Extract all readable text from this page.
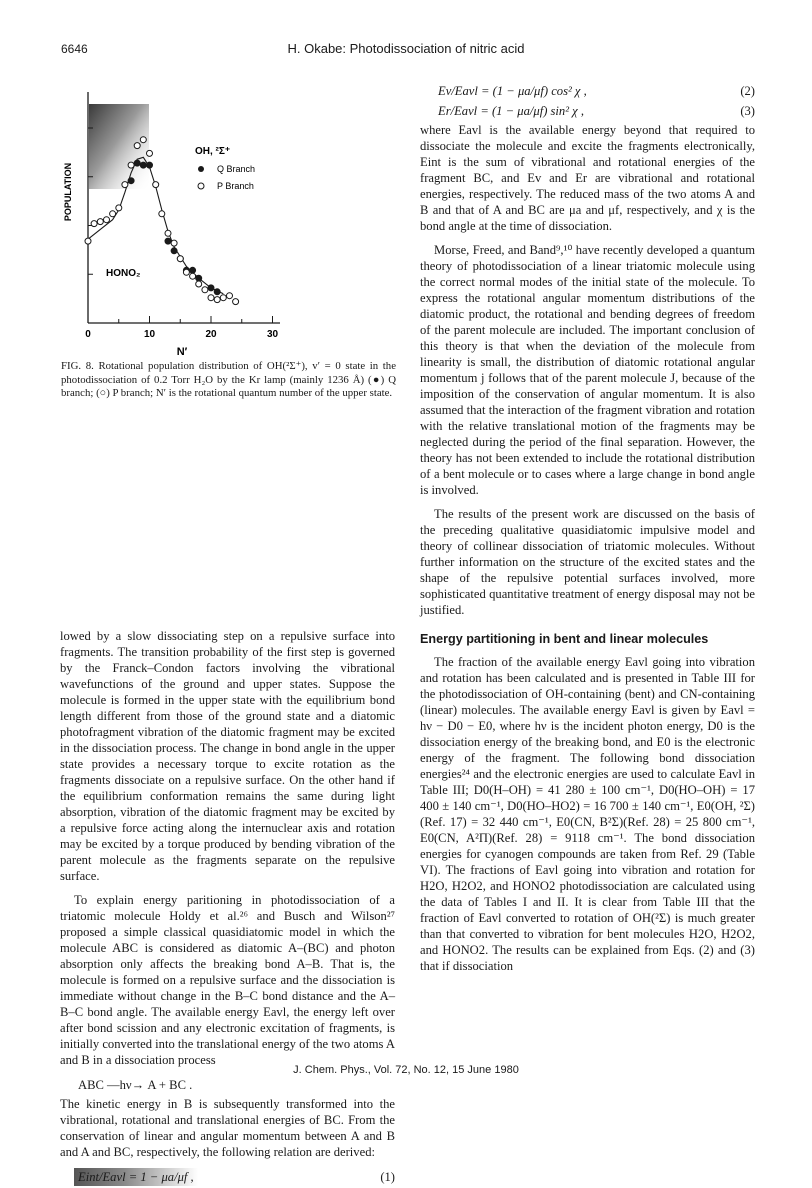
6646	H. Okabe: Photodissociation of nitric acid
0	10	20	30
POPULATION
N′
OH, ²Σ⁺
Q Branch
P Branch
HONO₂
FIG. 8. Rotational population distribution of OH(²Σ⁺), v′ = 0 state in the photodissociation of 0.2 Torr H₂O by the Kr lamp (mainly 1236 Å) (●) Q branch; (○) P branch; N′ is the rotational quantum number of the upper state.

lowed by a slow dissociating step on a repulsive surface into fragments. The transition probability of the first step is governed by the Franck–Condon factors involving the vibrational wavefunctions of the ground and upper states. Suppose the molecule is formed in the upper state with the equilibrium bond length different from those of the ground state and a diatomic photofragment vibration of the diatomic fragment may be excited in the dissociation process. The change in bond angle in the upper state provides a necessary torque to excite rotation as the fragments dissociate on a repulsive surface. On the other hand if the equilibrium conformation remains the same during light absorption, vibration of the diatomic fragment may be excited by a repulsive force acting along the internuclear axis and rotation may be excited by a torque produced by bending vibration of the parent molecule as the fragments separate on the repulsive surface.

To explain energy paritioning in photodissociation of a triatomic molecule Holdy et al.²⁶ and Busch and Wilson²⁷ proposed a simple classical quasidiatomic model in which the molecule ABC is considered as diatomic A–(BC) and photon absorption only affects the breaking bond A–B. That is, the molecule is formed on a repulsive surface and the dissociation is immediate without change in the B–C bond distance and the A–B–C bond angle. The available energy Eavl, the energy left over after bond scission and any electronic excitation of fragments, is initially converted into the translational energy of the two atoms A and B in a dissociation process

ABC —hν→ A + BC .

The kinetic energy in B is subsequently transformed into the vibrational, rotational and translational energies of BC. From the conservation of linear and angular momentum between A and B and A and BC, respectively, the following relation are derived:

Eint/Eavl = 1 − μa/μf ,	(1)
Ev/Eavl = (1 − μa/μf) cos² χ ,	(2)
Er/Eavl = (1 − μa/μf) sin² χ ,	(3)

where Eavl is the available energy beyond that required to dissociate the molecule and excite the fragments electronically, Eint is the sum of vibrational and rotational energies of the fragment BC, and Ev and Er are vibrational and rotational energies, respectively. The reduced mass of the two atoms A and B and that of A and BC are μa and μf, respectively, and χ is the bond angle at the time of dissociation.

Morse, Freed, and Band⁹,¹⁰ have recently developed a quantum theory of photodissociation of a linear triatomic molecule using the correct normal modes of the initial state of the molecule. To express the rotational angular momentum distributions of the diatomic product, the rotational and bending degrees of freedom of the parent molecule are included. The important conclusion of this theory is that when the deviation of the molecule from linearity is small, the distribution of diatomic rotational angular momentum j follows that of the parent molecule J, because of the imposition of the conservation of angular momentum. It is also assumed that the interaction of the fragment vibration and rotation with the relative translational motion of the fragments may be neglected during the period of the final separation. However, the theory has not been extended to include the rotational distribution of a bent molecule or to cases where a large change in bond angle is involved.

The results of the present work are discussed on the basis of the preceding qualitative quasidiatomic impulsive model and theory of collinear dissociation of triatomic molecules. Without further information on the structure of the excited states and the shape of the repulsive potential surfaces involved, more sophisticated quantitative treatment of energy disposal may not be justified.

Energy partitioning in bent and linear molecules

The fraction of the available energy Eavl going into vibration and rotation has been calculated and is presented in Table III for the photodissociation of OH-containing (bent) and CN-containing (linear) molecules. The available energy Eavl is given by Eavl = hν − D0 − E0, where hν is the incident photon energy, D0 is the dissociation energy of the breaking bond, and E0 is the electronic energy of the fragment. The following bond dissociation energies²⁴ and the electronic energies are used to calculate Eavl in Table III; D0(H–OH) = 41 280 ± 100 cm⁻¹, D0(HO–OH) = 17 400 ± 140 cm⁻¹, D0(HO–HO2) = 16 700 ± 140 cm⁻¹, E0(OH, ²Σ) (Ref. 17) = 32 440 cm⁻¹, E0(CN, B²Σ)(Ref. 28) = 25 800 cm⁻¹, E0(CN, A²Π)(Ref. 28) = 9118 cm⁻¹. The bond dissociation energies for cyanogen compounds are taken from Ref. 29 (Table VI). The fractions of Eavl going into vibration and rotation for H2O, H2O2, and HONO2 photodissociation are calculated using the data of Tables I and II. It is clear from Table III that the fraction of Eavl converted to rotation of OH(²Σ) is much greater than that converted to vibration for bent molecules H2O, H2O2, and HONO2. The results can be explained from Eqs. (2) and (3) that if dissociation

J. Chem. Phys., Vol. 72, No. 12, 15 June 1980
